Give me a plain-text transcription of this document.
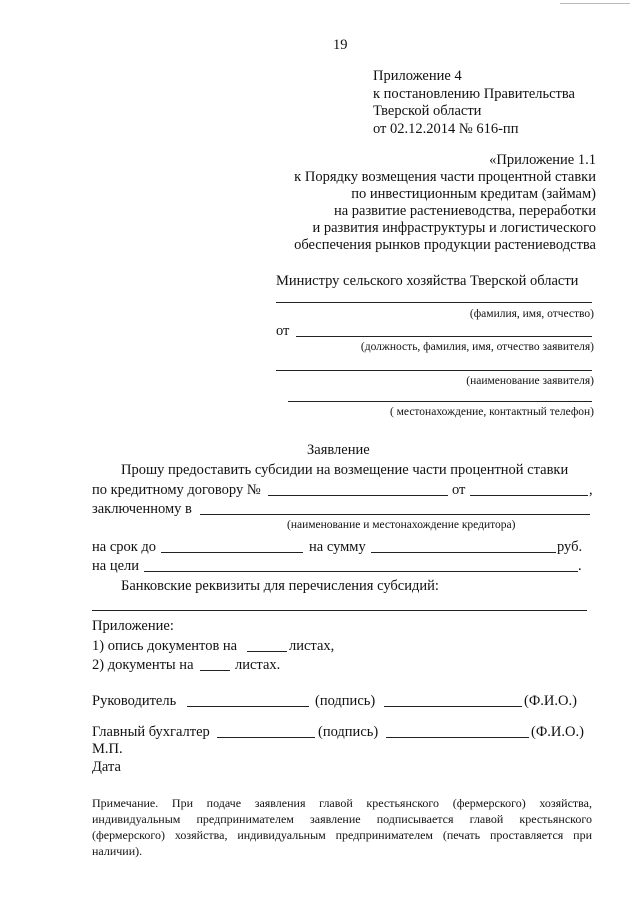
19
Приложение 4
к постановлению Правительства
Тверской области
от 02.12.2014 № 616-пп
«Приложение 1.1
к Порядку возмещения части процентной ставки
по инвестиционным кредитам (займам)
на развитие растениеводства, переработки
и развития инфраструктуры и логистического
обеспечения рынков продукции растениеводства
Министру сельского хозяйства Тверской области
(фамилия, имя, отчество)
от
(должность, фамилия, имя, отчество заявителя)
(наименование заявителя)
( местонахождение, контактный телефон)
Заявление
Прошу предоставить субсидии на возмещение части процентной ставки
по кредитному договору №	от	,
заключенному в
(наименование и местонахождение кредитора)
на срок до	на сумму	руб.
на цели	.
Банковские реквизиты для перечисления субсидий:
Приложение:
1) опись документов на	листах,
2) документы на	листах.
Руководитель	(подпись)	(Ф.И.О.)
Главный бухгалтер	(подпись)	(Ф.И.О.)
М.П.
Дата
Примечание. При подаче заявления главой крестьянского (фермерского) хозяйства, индивидуальным предпринимателем заявление подписывается главой крестьянского (фермерского) хозяйства, индивидуальным предпринимателем (печать проставляется при наличии).
